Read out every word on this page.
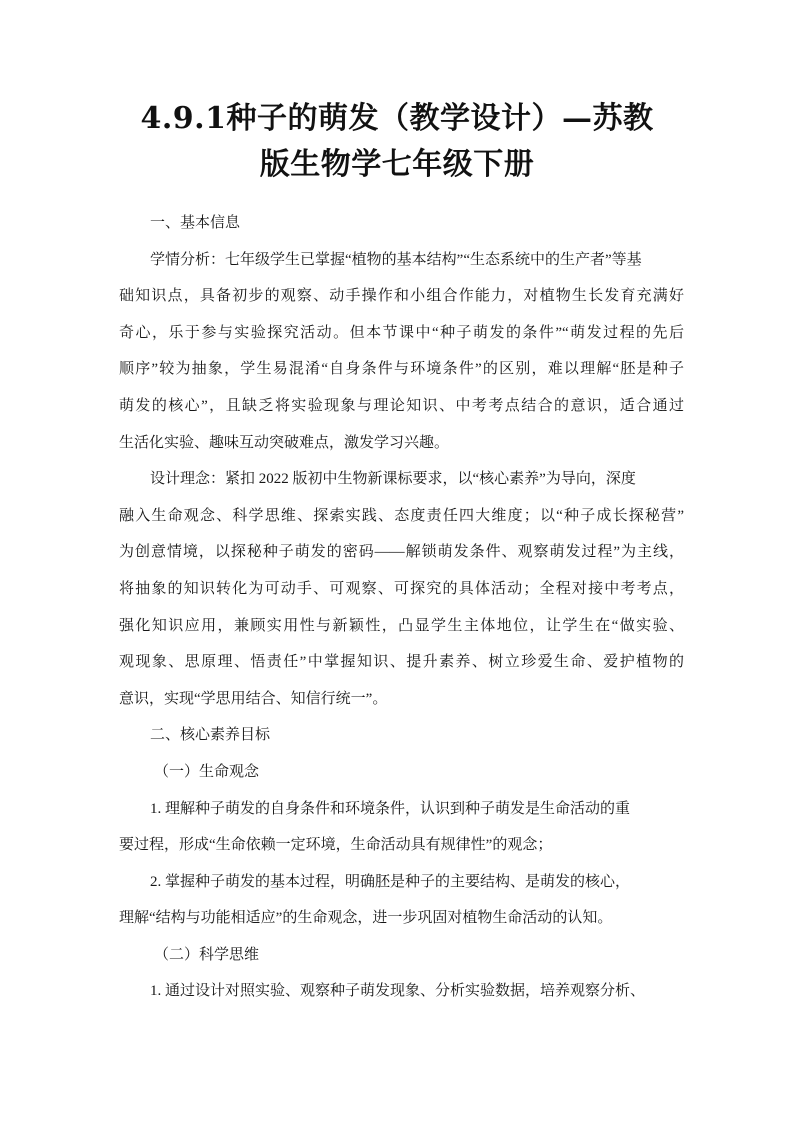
4.9.1种子的萌发（教学设计）—苏教
版生物学七年级下册
一、基本信息
学情分析：七年级学生已掌握“植物的基本结构”“生态系统中的生产者”等基
础知识点，具备初步的观察、动手操作和小组合作能力，对植物生长发育充满好
奇心，乐于参与实验探究活动。但本节课中“种子萌发的条件”“萌发过程的先后
顺序”较为抽象，学生易混淆“自身条件与环境条件”的区别，难以理解“胚是种子
萌发的核心”，且缺乏将实验现象与理论知识、中考考点结合的意识，适合通过
生活化实验、趣味互动突破难点，激发学习兴趣。
设计理念：紧扣 2022 版初中生物新课标要求，以“核心素养”为导向，深度
融入生命观念、科学思维、探索实践、态度责任四大维度；以“种子成长探秘营”
为创意情境，以探秘种子萌发的密码——解锁萌发条件、观察萌发过程”为主线，
将抽象的知识转化为可动手、可观察、可探究的具体活动；全程对接中考考点，
强化知识应用，兼顾实用性与新颖性，凸显学生主体地位，让学生在“做实验、
观现象、思原理、悟责任”中掌握知识、提升素养、树立珍爱生命、爱护植物的
意识，实现“学思用结合、知信行统一”。
二、核心素养目标
（一）生命观念
1. 理解种子萌发的自身条件和环境条件，认识到种子萌发是生命活动的重
要过程，形成“生命依赖一定环境，生命活动具有规律性”的观念；
2. 掌握种子萌发的基本过程，明确胚是种子的主要结构、是萌发的核心，
理解“结构与功能相适应”的生命观念，进一步巩固对植物生命活动的认知。
（二）科学思维
1. 通过设计对照实验、观察种子萌发现象、分析实验数据，培养观察分析、
